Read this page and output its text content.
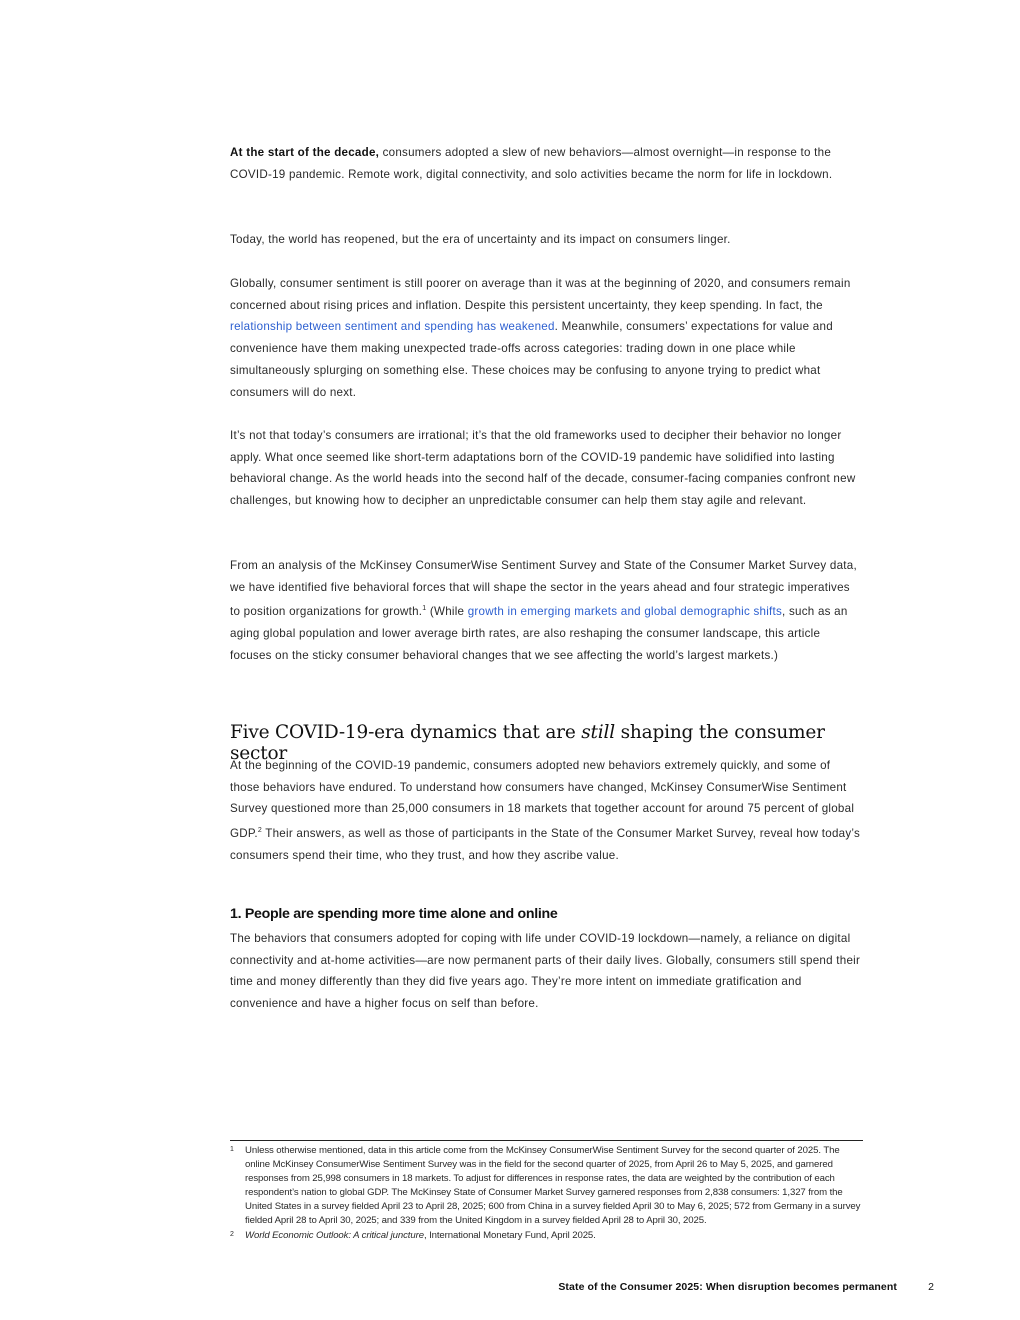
At the start of the decade, consumers adopted a slew of new behaviors—almost overnight—in response to the COVID-19 pandemic. Remote work, digital connectivity, and solo activities became the norm for life in lockdown.

Today, the world has reopened, but the era of uncertainty and its impact on consumers linger.

Globally, consumer sentiment is still poorer on average than it was at the beginning of 2020, and consumers remain concerned about rising prices and inflation. Despite this persistent uncertainty, they keep spending. In fact, the relationship between sentiment and spending has weakened. Meanwhile, consumers’ expectations for value and convenience have them making unexpected trade-offs across categories: trading down in one place while simultaneously splurging on something else. These choices may be confusing to anyone trying to predict what consumers will do next.

It’s not that today’s consumers are irrational; it’s that the old frameworks used to decipher their behavior no longer apply. What once seemed like short-term adaptations born of the COVID-19 pandemic have solidified into lasting behavioral change. As the world heads into the second half of the decade, consumer-facing companies confront new challenges, but knowing how to decipher an unpredictable consumer can help them stay agile and relevant.

From an analysis of the McKinsey ConsumerWise Sentiment Survey and State of the Consumer Market Survey data, we have identified five behavioral forces that will shape the sector in the years ahead and four strategic imperatives to position organizations for growth.$^1$ (While growth in emerging markets and global demographic shifts, such as an aging global population and lower average birth rates, are also reshaping the consumer landscape, this article focuses on the sticky consumer behavioral changes that we see affecting the world’s largest markets.)

Five COVID-19-era dynamics that are still shaping the consumer sector

At the beginning of the COVID-19 pandemic, consumers adopted new behaviors extremely quickly, and some of those behaviors have endured. To understand how consumers have changed, McKinsey ConsumerWise Sentiment Survey questioned more than 25,000 consumers in 18 markets that together account for around 75 percent of global GDP.$^2$ Their answers, as well as those of participants in the State of the Consumer Market Survey, reveal how today’s consumers spend their time, who they trust, and how they ascribe value.

1. People are spending more time alone and online

The behaviors that consumers adopted for coping with life under COVID-19 lockdown—namely, a reliance on digital connectivity and at-home activities—are now permanent parts of their daily lives. Globally, consumers still spend their time and money differently than they did five years ago. They’re more intent on immediate gratification and convenience and have a higher focus on self than before.

1 Unless otherwise mentioned, data in this article come from the McKinsey ConsumerWise Sentiment Survey for the second quarter of 2025. The online McKinsey ConsumerWise Sentiment Survey was in the field for the second quarter of 2025, from April 26 to May 5, 2025, and garnered responses from 25,998 consumers in 18 markets. To adjust for differences in response rates, the data are weighted by the contribution of each respondent’s nation to global GDP. The McKinsey State of Consumer Market Survey garnered responses from 2,838 consumers: 1,327 from the United States in a survey fielded April 23 to April 28, 2025; 600 from China in a survey fielded April 30 to May 6, 2025; 572 from Germany in a survey fielded April 28 to April 30, 2025; and 339 from the United Kingdom in a survey fielded April 28 to April 30, 2025.

2 World Economic Outlook: A critical juncture, International Monetary Fund, April 2025.

State of the Consumer 2025: When disruption becomes permanent	2
